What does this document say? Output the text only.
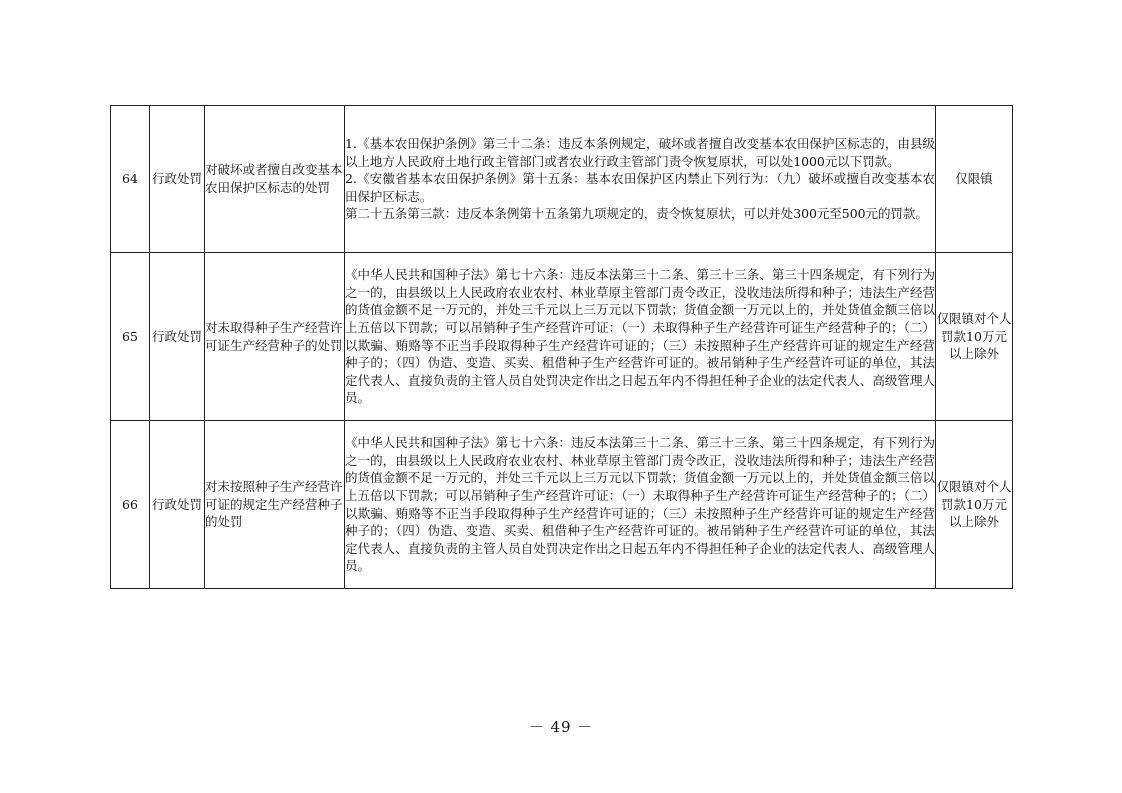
64	行政处罚	对破坏或者擅自改变基本农田保护区标志的处罚	1.《基本农田保护条例》第三十二条：违反本条例规定，破坏或者擅自改变基本农田保护区标志的，由县级以上地方人民政府土地行政主管部门或者农业行政主管部门责令恢复原状，可以处1000元以下罚款。
2.《安徽省基本农田保护条例》第十五条：基本农田保护区内禁止下列行为：（九）破坏或擅自改变基本农田保护区标志。
第二十五条第三款：违反本条例第十五条第九项规定的，责令恢复原状，可以并处300元至500元的罚款。	仅限镇
65	行政处罚	对未取得种子生产经营许可证生产经营种子的处罚	《中华人民共和国种子法》第七十六条：违反本法第三十二条、第三十三条、第三十四条规定，有下列行为之一的，由县级以上人民政府农业农村、林业草原主管部门责令改正，没收违法所得和种子；违法生产经营的货值金额不足一万元的，并处三千元以上三万元以下罚款；货值金额一万元以上的，并处货值金额三倍以上五倍以下罚款；可以吊销种子生产经营许可证：（一）未取得种子生产经营许可证生产经营种子的；（二）以欺骗、贿赂等不正当手段取得种子生产经营许可证的；（三）未按照种子生产经营许可证的规定生产经营种子的；（四）伪造、变造、买卖、租借种子生产经营许可证的。被吊销种子生产经营许可证的单位，其法定代表人、直接负责的主管人员自处罚决定作出之日起五年内不得担任种子企业的法定代表人、高级管理人员。	仅限镇对个人罚款10万元以上除外
66	行政处罚	对未按照种子生产经营许可证的规定生产经营种子的处罚	《中华人民共和国种子法》第七十六条：违反本法第三十二条、第三十三条、第三十四条规定，有下列行为之一的，由县级以上人民政府农业农村、林业草原主管部门责令改正，没收违法所得和种子；违法生产经营的货值金额不足一万元的，并处三千元以上三万元以下罚款；货值金额一万元以上的，并处货值金额三倍以上五倍以下罚款；可以吊销种子生产经营许可证：（一）未取得种子生产经营许可证生产经营种子的；（二）以欺骗、贿赂等不正当手段取得种子生产经营许可证的；（三）未按照种子生产经营许可证的规定生产经营种子的；（四）伪造、变造、买卖、租借种子生产经营许可证的。被吊销种子生产经营许可证的单位，其法定代表人、直接负责的主管人员自处罚决定作出之日起五年内不得担任种子企业的法定代表人、高级管理人员。	仅限镇对个人罚款10万元以上除外
－ 49 －
